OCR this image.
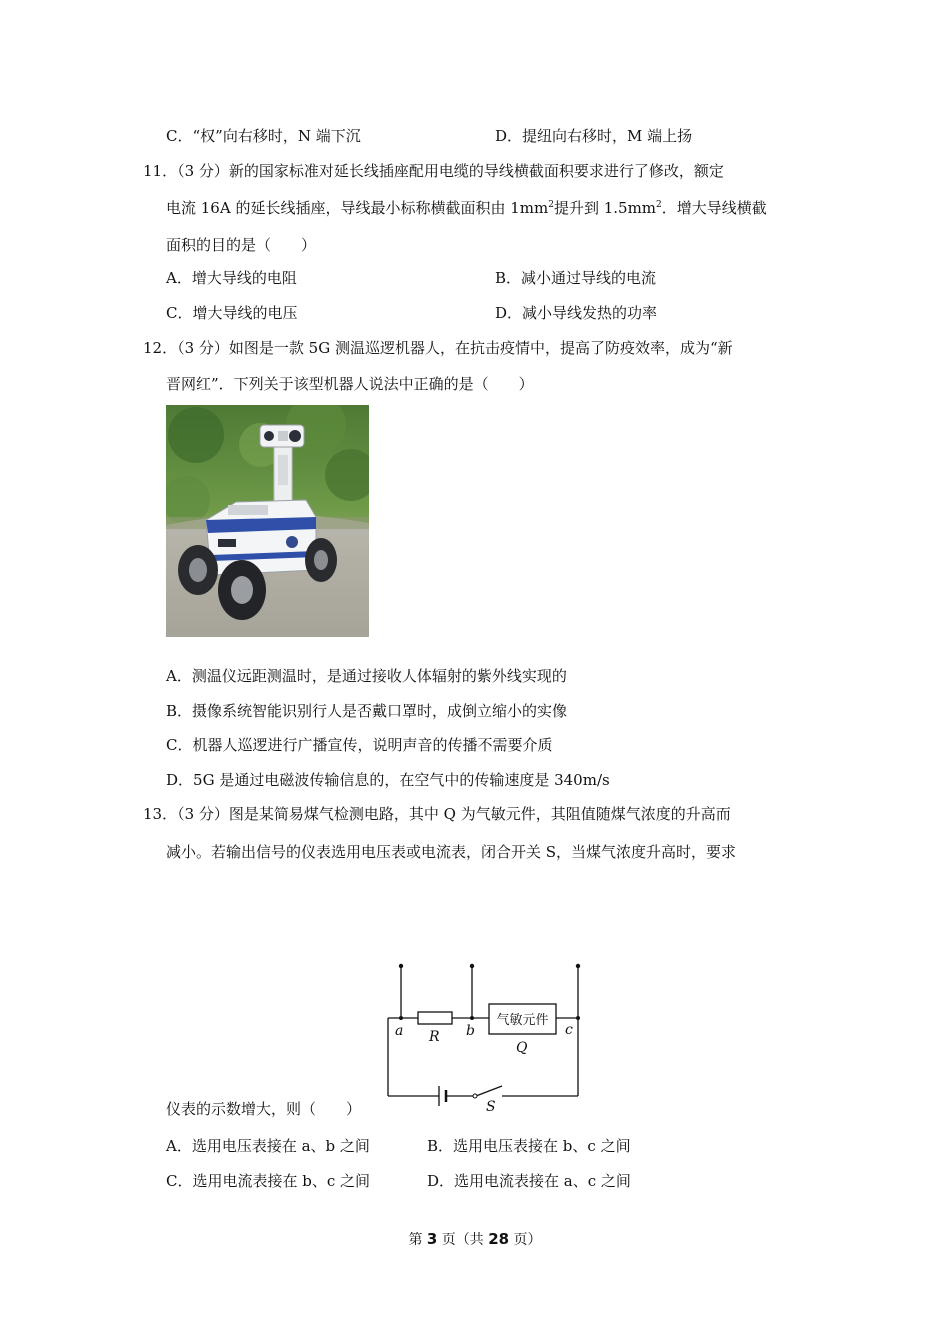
C．“权”向右移时，N 端下沉	D．提纽向右移时，M 端上扬
11．（3 分）新的国家标准对延长线插座配用电缆的导线横截面积要求进行了修改，额定
电流 16A 的延长线插座，导线最小标称横截面积由 $1mm^2$提升到 $1.5mm^2$．增大导线横截
面积的目的是（　　）
A．增大导线的电阻	B．减小通过导线的电流
C．增大导线的电压	D．减小导线发热的功率
12．（3 分）如图是一款 5G 测温巡逻机器人，在抗击疫情中，提高了防疫效率，成为“新
晋网红”．下列关于该型机器人说法中正确的是（　　）
A．测温仪远距测温时，是通过接收人体辐射的紫外线实现的
B．摄像系统智能识别行人是否戴口罩时，成倒立缩小的实像
C．机器人巡逻进行广播宣传，说明声音的传播不需要介质
D．5G 是通过电磁波传输信息的，在空气中的传输速度是 340m/s
13．（3 分）图是某简易煤气检测电路，其中 Q 为气敏元件，其阻值随煤气浓度的升高而
减小。若输出信号的仪表选用电压表或电流表，闭合开关 S，当煤气浓度升高时，要求
a	b	c
R
Q
S
气敏元件
仪表的示数增大，则（　　）
A．选用电压表接在 a、b 之间	B．选用电压表接在 b、c 之间
C．选用电流表接在 b、c 之间	D．选用电流表接在 a、c 之间
第 3 页（共 28 页）
